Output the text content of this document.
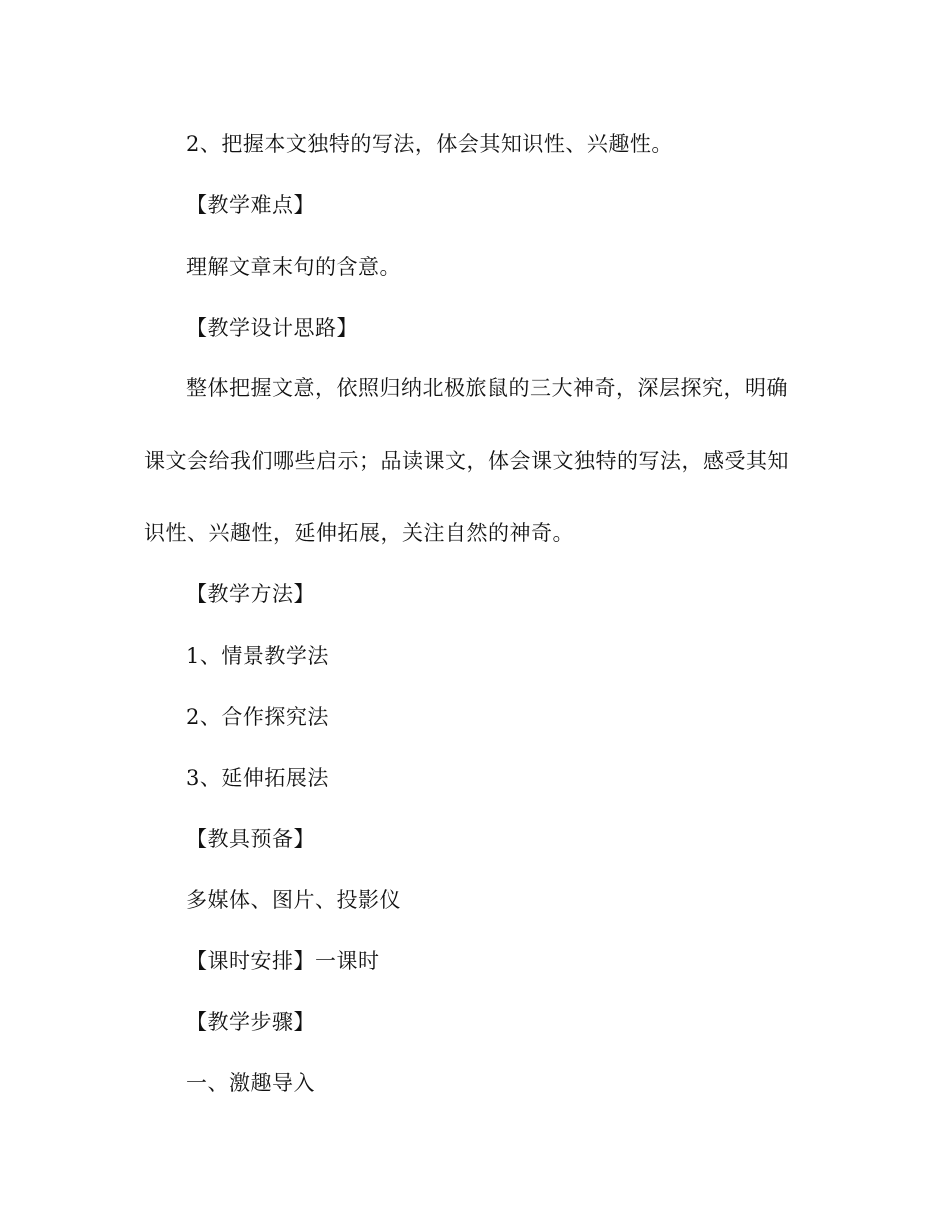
2、把握本文独特的写法，体会其知识性、兴趣性。
【教学难点】
理解文章末句的含意。
【教学设计思路】
整体把握文意，依照归纳北极旅鼠的三大神奇，深层探究，明确
课文会给我们哪些启示；品读课文，体会课文独特的写法，感受其知
识性、兴趣性，延伸拓展，关注自然的神奇。
【教学方法】
1、情景教学法
2、合作探究法
3、延伸拓展法
【教具预备】
多媒体、图片、投影仪
【课时安排】一课时
【教学步骤】
一、激趣导入
